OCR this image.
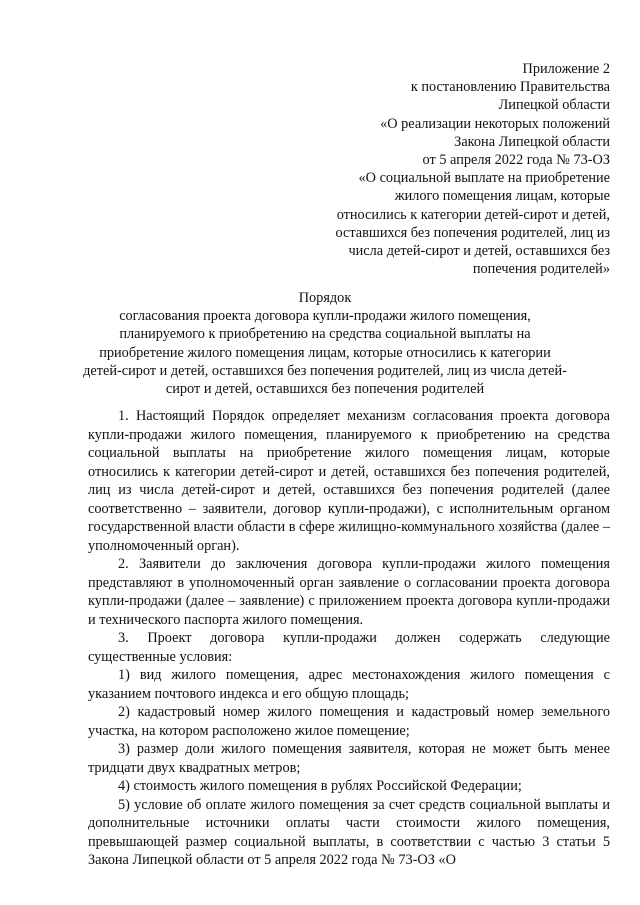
Приложение 2
к постановлению Правительства
Липецкой области
«О реализации некоторых положений
Закона Липецкой области
от 5 апреля 2022 года № 73-ОЗ
«О социальной выплате на приобретение
жилого помещения лицам, которые
относились к категории детей-сирот и детей,
оставшихся без попечения родителей, лиц из
числа детей-сирот и детей, оставшихся без
попечения родителей»
Порядок
согласования проекта договора купли-продажи жилого помещения,
планируемого к приобретению на средства социальной выплаты на
приобретение жилого помещения лицам, которые относились к категории
детей-сирот и детей, оставшихся без попечения родителей, лиц из числа детей-
сирот и детей, оставшихся без попечения родителей

1. Настоящий Порядок определяет механизм согласования проекта договора купли-продажи жилого помещения, планируемого к приобретению на средства социальной выплаты на приобретение жилого помещения лицам, которые относились к категории детей-сирот и детей, оставшихся без попечения родителей, лиц из числа детей-сирот и детей, оставшихся без попечения родителей (далее соответственно – заявители, договор купли-продажи), с исполнительным органом государственной власти области в сфере жилищно-коммунального хозяйства (далее – уполномоченный орган).

2. Заявители до заключения договора купли-продажи жилого помещения представляют в уполномоченный орган заявление о согласовании проекта договора купли-продажи (далее – заявление) с приложением проекта договора купли-продажи и технического паспорта жилого помещения.

3. Проект договора купли-продажи должен содержать следующие существенные условия:

1) вид жилого помещения, адрес местонахождения жилого помещения с указанием почтового индекса и его общую площадь;

2) кадастровый номер жилого помещения и кадастровый номер земельного участка, на котором расположено жилое помещение;

3) размер доли жилого помещения заявителя, которая не может быть менее тридцати двух квадратных метров;

4) стоимость жилого помещения в рублях Российской Федерации;

5) условие об оплате жилого помещения за счет средств социальной выплаты и дополнительные источники оплаты части стоимости жилого помещения, превышающей размер социальной выплаты, в соответствии с частью 3 статьи 5 Закона Липецкой области от 5 апреля 2022 года № 73-ОЗ «О
